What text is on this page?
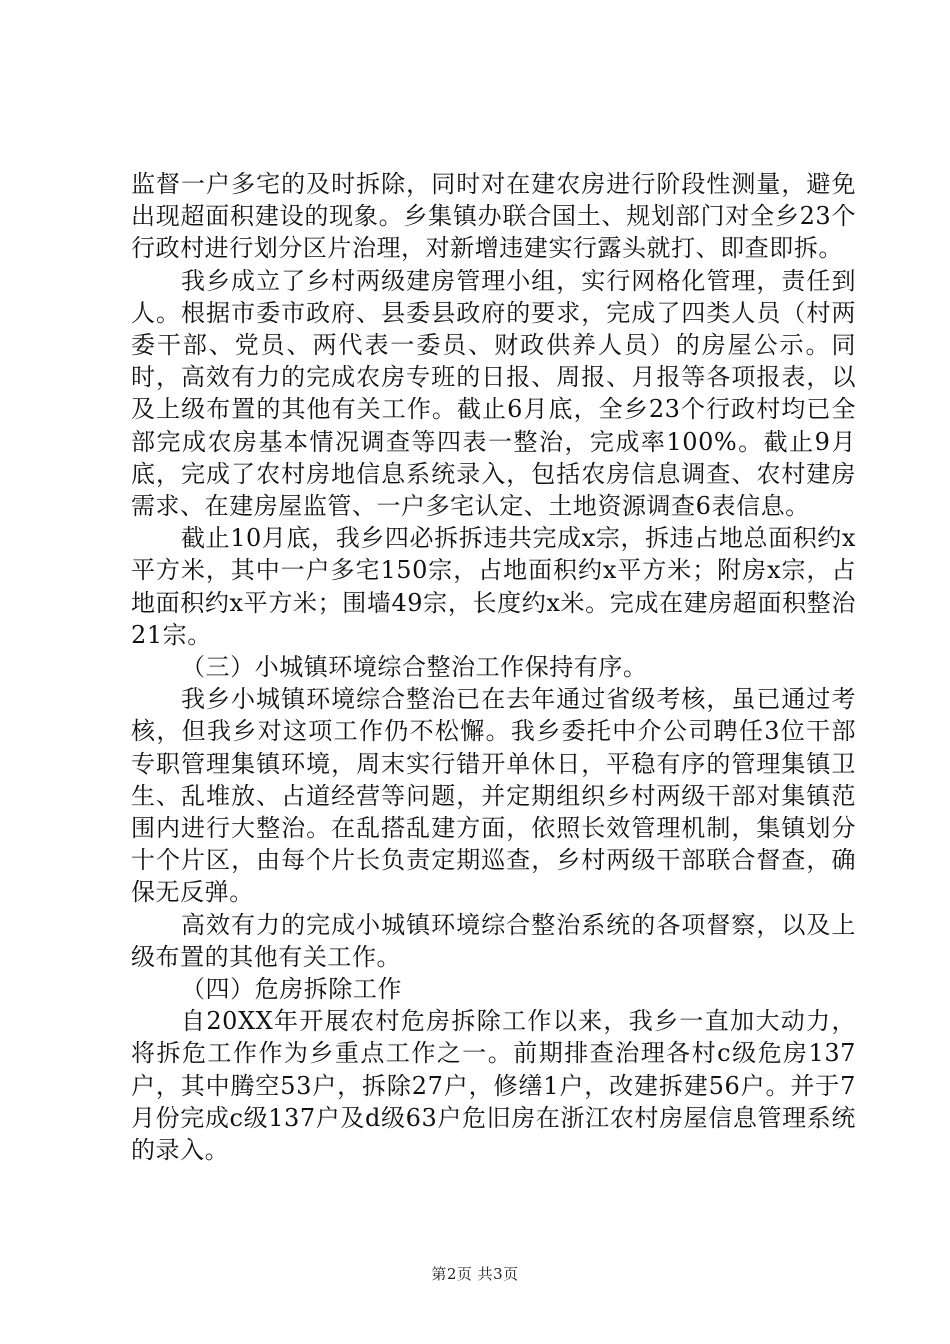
监督一户多宅的及时拆除，同时对在建农房进行阶段性测量，避免出现超面积建设的现象。乡集镇办联合国土、规划部门对全乡23个行政村进行划分区片治理，对新增违建实行露头就打、即查即拆。

我乡成立了乡村两级建房管理小组，实行网格化管理，责任到人。根据市委市政府、县委县政府的要求，完成了四类人员（村两委干部、党员、两代表一委员、财政供养人员）的房屋公示。同时，高效有力的完成农房专班的日报、周报、月报等各项报表，以及上级布置的其他有关工作。截止6月底，全乡23个行政村均已全部完成农房基本情况调查等四表一整治，完成率100%。截止9月底，完成了农村房地信息系统录入，包括农房信息调查、农村建房需求、在建房屋监管、一户多宅认定、土地资源调查6表信息。

截止10月底，我乡四必拆拆违共完成x宗，拆违占地总面积约x平方米，其中一户多宅150宗，占地面积约x平方米；附房x宗，占地面积约x平方米；围墙49宗，长度约x米。完成在建房超面积整治21宗。

（三）小城镇环境综合整治工作保持有序。

我乡小城镇环境综合整治已在去年通过省级考核，虽已通过考核，但我乡对这项工作仍不松懈。我乡委托中介公司聘任3位干部专职管理集镇环境，周末实行错开单休日，平稳有序的管理集镇卫生、乱堆放、占道经营等问题，并定期组织乡村两级干部对集镇范围内进行大整治。在乱搭乱建方面，依照长效管理机制，集镇划分十个片区，由每个片长负责定期巡查，乡村两级干部联合督查，确保无反弹。

高效有力的完成小城镇环境综合整治系统的各项督察，以及上级布置的其他有关工作。

（四）危房拆除工作

自20XX年开展农村危房拆除工作以来，我乡一直加大动力，将拆危工作作为乡重点工作之一。前期排查治理各村c级危房137户，其中腾空53户，拆除27户，修缮1户，改建拆建56户。并于7月份完成c级137户及d级63户危旧房在浙江农村房屋信息管理系统的录入。

第2页 共3页
